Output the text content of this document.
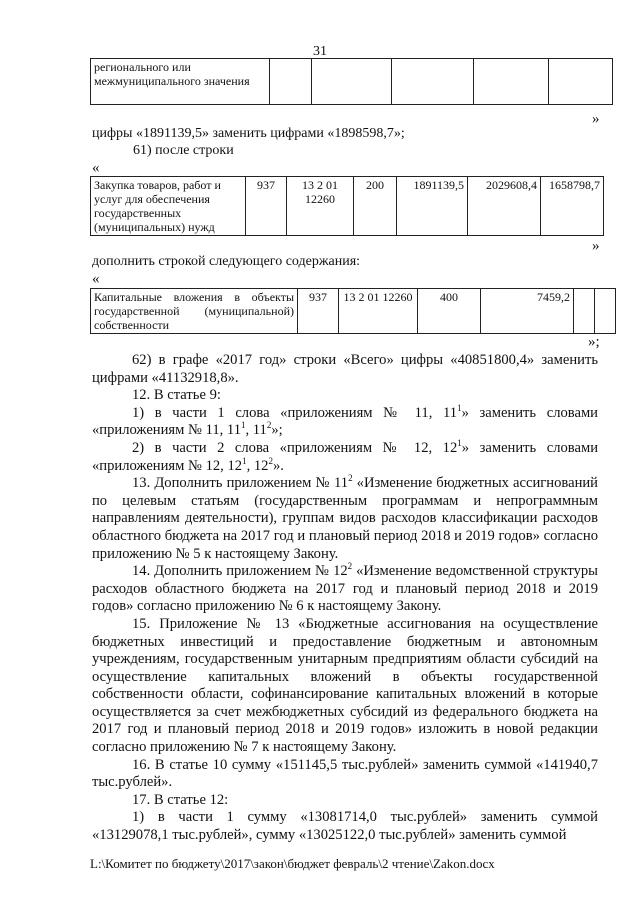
31
регионального или межмуниципального значения					
»
цифры «1891139,5» заменить цифрами «1898598,7»;
61) после строки
«
Закупка товаров, работ и услуг для обеспечения государственных (муниципальных) нужд	937	13 2 01 12260	200	1891139,5	2029608,4	1658798,7
»
дополнить строкой следующего содержания:
«
Капитальные вложения в объекты государственной (муниципальной) собственности	937	13 2 01 12260	400	7459,2		
»;

62) в графе «2017 год» строки «Всего» цифры «40851800,4» заменить цифрами «41132918,8».

12. В статье 9:

1) в части 1 слова «приложениям № 11, $11^1$» заменить словами «приложениям № 11, $11^1$, $11^2$»;

2) в части 2 слова «приложениям № 12, $12^1$» заменить словами «приложениям № 12, $12^1$, $12^2$».

13. Дополнить приложением № $11^2$ «Изменение бюджетных ассигнований по целевым статьям (государственным программам и непрограммным направлениям деятельности), группам видов расходов классификации расходов областного бюджета на 2017 год и плановый период 2018 и 2019 годов» согласно приложению № 5 к настоящему Закону.

14. Дополнить приложением № $12^2$ «Изменение ведомственной структуры расходов областного бюджета на 2017 год и плановый период 2018 и 2019 годов» согласно приложению № 6 к настоящему Закону.

15. Приложение № 13 «Бюджетные ассигнования на осуществление бюджетных инвестиций и предоставление бюджетным и автономным учреждениям, государственным унитарным предприятиям области субсидий на осуществление капитальных вложений в объекты государственной собственности области, софинансирование капитальных вложений в которые осуществляется за счет межбюджетных субсидий из федерального бюджета на 2017 год и плановый период 2018 и 2019 годов» изложить в новой редакции согласно приложению № 7 к настоящему Закону.

16. В статье 10 сумму «151145,5 тыс.рублей» заменить суммой «141940,7 тыс.рублей».

17. В статье 12:

1) в части 1 сумму «13081714,0 тыс.рублей» заменить суммой «13129078,1 тыс.рублей», сумму «13025122,0 тыс.рублей» заменить суммой

L:\Комитет по бюджету\2017\закон\бюджет февраль\2 чтение\Zakon.docx
